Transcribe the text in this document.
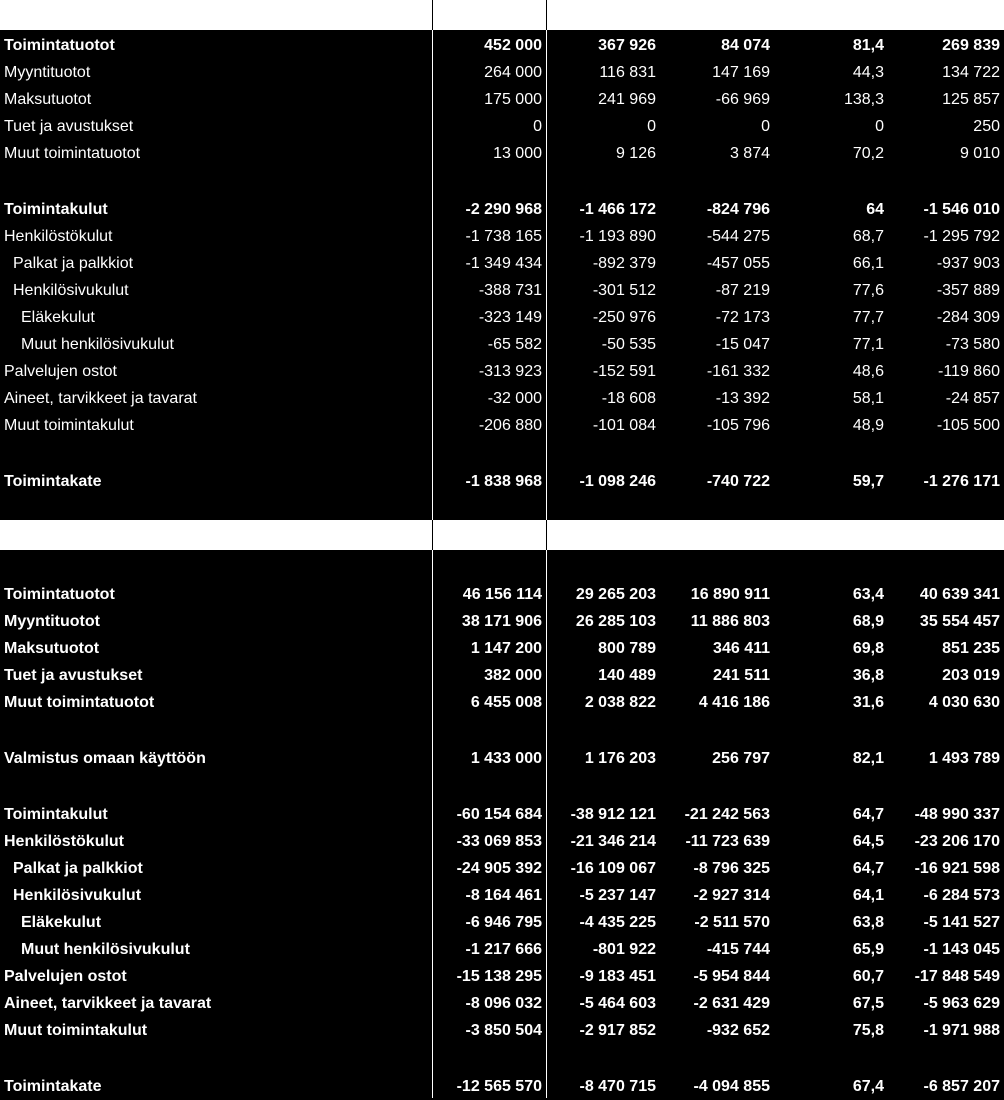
Toimintatuotot	452 000	367 926	84 074	81,4	269 839	
Myyntituotot	264 000	116 831	147 169	44,3	134 722	
Maksutuotot	175 000	241 969	-66 969	138,3	125 857	
Tuet ja avustukset	0	0	0	0	250	
Muut toimintatuotot	13 000	9 126	3 874	70,2	9 010	

Toimintakulut	-2 290 968	-1 466 172	-824 796	64	-1 546 010	
Henkilöstökulut	-1 738 165	-1 193 890	-544 275	68,7	-1 295 792	
Palkat ja palkkiot	-1 349 434	-892 379	-457 055	66,1	-937 903	
Henkilösivukulut	-388 731	-301 512	-87 219	77,6	-357 889	
Eläkekulut	-323 149	-250 976	-72 173	77,7	-284 309	
Muut henkilösivukulut	-65 582	-50 535	-15 047	77,1	-73 580	
Palvelujen ostot	-313 923	-152 591	-161 332	48,6	-119 860	
Aineet, tarvikkeet ja tavarat	-32 000	-18 608	-13 392	58,1	-24 857	
Muut toimintakulut	-206 880	-101 084	-105 796	48,9	-105 500	

Toimintakate	-1 838 968	-1 098 246	-740 722	59,7	-1 276 171	
Toimintatuotot	46 156 114	29 265 203	16 890 911	63,4	40 639 341	
Myyntituotot	38 171 906	26 285 103	11 886 803	68,9	35 554 457	
Maksutuotot	1 147 200	800 789	346 411	69,8	851 235	
Tuet ja avustukset	382 000	140 489	241 511	36,8	203 019	
Muut toimintatuotot	6 455 008	2 038 822	4 416 186	31,6	4 030 630	

Valmistus omaan käyttöön	1 433 000	1 176 203	256 797	82,1	1 493 789	

Toimintakulut	-60 154 684	-38 912 121	-21 242 563	64,7	-48 990 337	
Henkilöstökulut	-33 069 853	-21 346 214	-11 723 639	64,5	-23 206 170	
Palkat ja palkkiot	-24 905 392	-16 109 067	-8 796 325	64,7	-16 921 598	
Henkilösivukulut	-8 164 461	-5 237 147	-2 927 314	64,1	-6 284 573	
Eläkekulut	-6 946 795	-4 435 225	-2 511 570	63,8	-5 141 527	
Muut henkilösivukulut	-1 217 666	-801 922	-415 744	65,9	-1 143 045	
Palvelujen ostot	-15 138 295	-9 183 451	-5 954 844	60,7	-17 848 549	
Aineet, tarvikkeet ja tavarat	-8 096 032	-5 464 603	-2 631 429	67,5	-5 963 629	
Muut toimintakulut	-3 850 504	-2 917 852	-932 652	75,8	-1 971 988	

Toimintakate	-12 565 570	-8 470 715	-4 094 855	67,4	-6 857 207	
